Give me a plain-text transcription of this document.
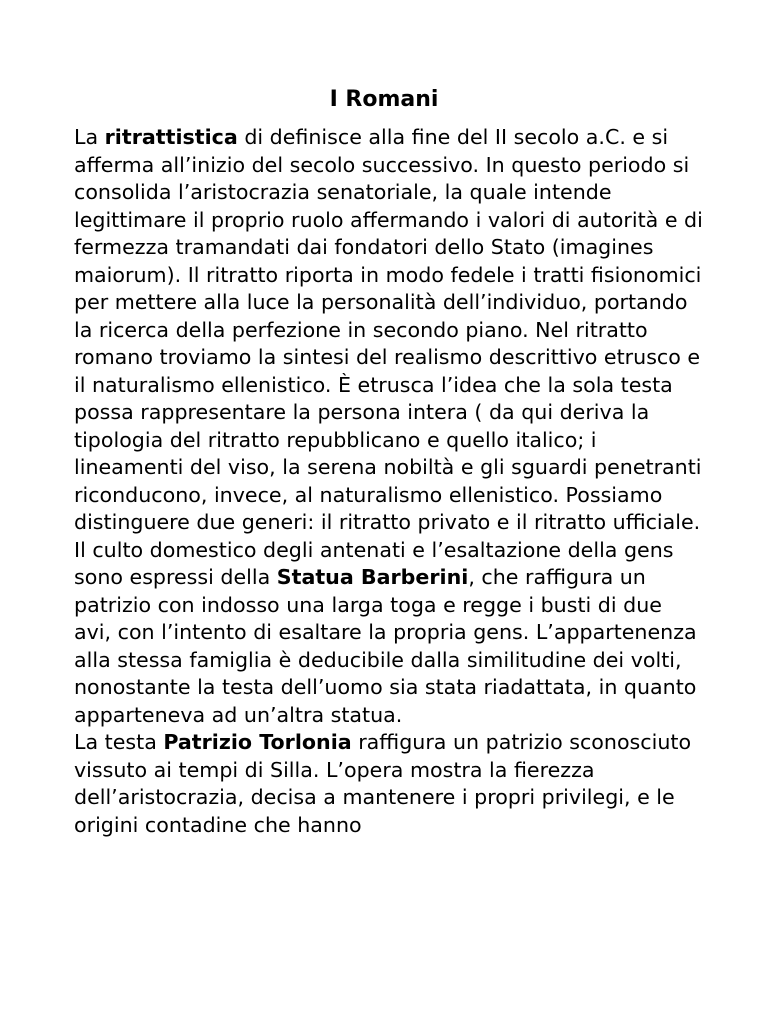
I Romani

La ritrattistica di definisce alla fine del II secolo a.C. e si afferma all’inizio del secolo successivo. In questo periodo si consolida l’aristocrazia senatoriale, la quale intende legittimare il proprio ruolo affermando i valori di autorità e di fermezza tramandati dai fondatori dello Stato (imagines maiorum). Il ritratto riporta in modo fedele i tratti fisionomici per mettere alla luce la personalità dell’individuo, portando la ricerca della perfezione in secondo piano. Nel ritratto romano troviamo la sintesi del realismo descrittivo etrusco e il naturalismo ellenistico. È etrusca l’idea che la sola testa possa rappresentare la persona intera ( da qui deriva la tipologia del ritratto repubblicano e quello italico; i lineamenti del viso, la serena nobiltà e gli sguardi penetranti riconducono, invece, al naturalismo ellenistico. Possiamo distinguere due generi: il ritratto privato e il ritratto ufficiale. Il culto domestico degli antenati e l’esaltazione della gens sono espressi della Statua Barberini, che raffigura un patrizio con indosso una larga toga e regge i busti di due avi, con l’intento di esaltare la propria gens. L’appartenenza alla stessa famiglia è deducibile dalla similitudine dei volti, nonostante la testa dell’uomo sia stata riadattata, in quanto apparteneva ad un’altra statua.

La testa Patrizio Torlonia raffigura un patrizio sconosciuto vissuto ai tempi di Silla. L’opera mostra la fierezza dell’aristocrazia, decisa a mantenere i propri privilegi, e le origini contadine che hanno
